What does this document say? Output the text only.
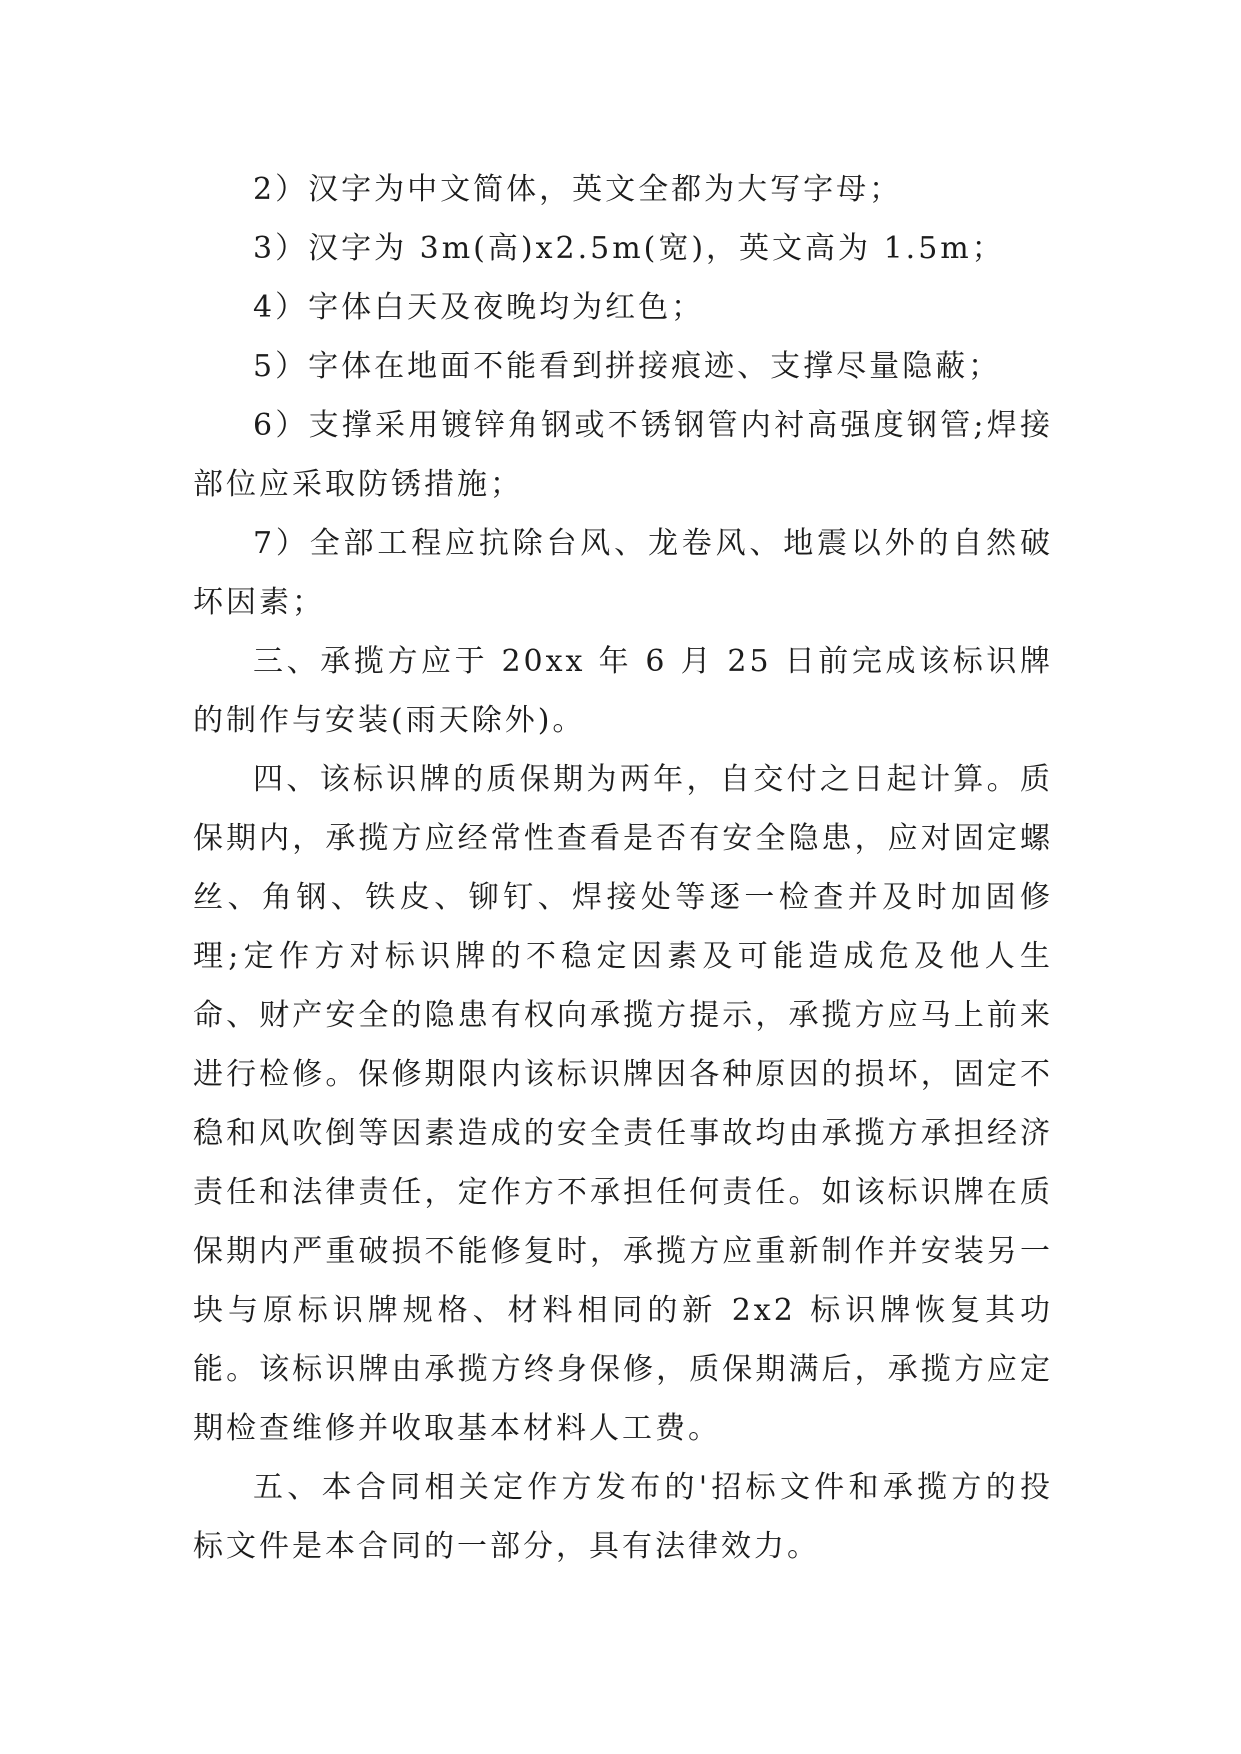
2）汉字为中文简体，英文全都为大写字母；

3）汉字为 3m(高)x2.5m(宽)，英文高为 1.5m；

4）字体白天及夜晚均为红色；

5）字体在地面不能看到拼接痕迹、支撑尽量隐蔽；

6）支撑采用镀锌角钢或不锈钢管内衬高强度钢管;焊接部位应采取防锈措施；

7）全部工程应抗除台风、龙卷风、地震以外的自然破坏因素；

三、承揽方应于 20xx 年 6 月 25 日前完成该标识牌的制作与安装(雨天除外)。

四、该标识牌的质保期为两年，自交付之日起计算。质保期内，承揽方应经常性查看是否有安全隐患，应对固定螺丝、角钢、铁皮、铆钉、焊接处等逐一检查并及时加固修理;定作方对标识牌的不稳定因素及可能造成危及他人生命、财产安全的隐患有权向承揽方提示，承揽方应马上前来进行检修。保修期限内该标识牌因各种原因的损坏，固定不稳和风吹倒等因素造成的安全责任事故均由承揽方承担经济责任和法律责任，定作方不承担任何责任。如该标识牌在质保期内严重破损不能修复时，承揽方应重新制作并安装另一块与原标识牌规格、材料相同的新 2x2 标识牌恢复其功能。该标识牌由承揽方终身保修，质保期满后，承揽方应定期检查维修并收取基本材料人工费。

五、本合同相关定作方发布的'招标文件和承揽方的投标文件是本合同的一部分，具有法律效力。
